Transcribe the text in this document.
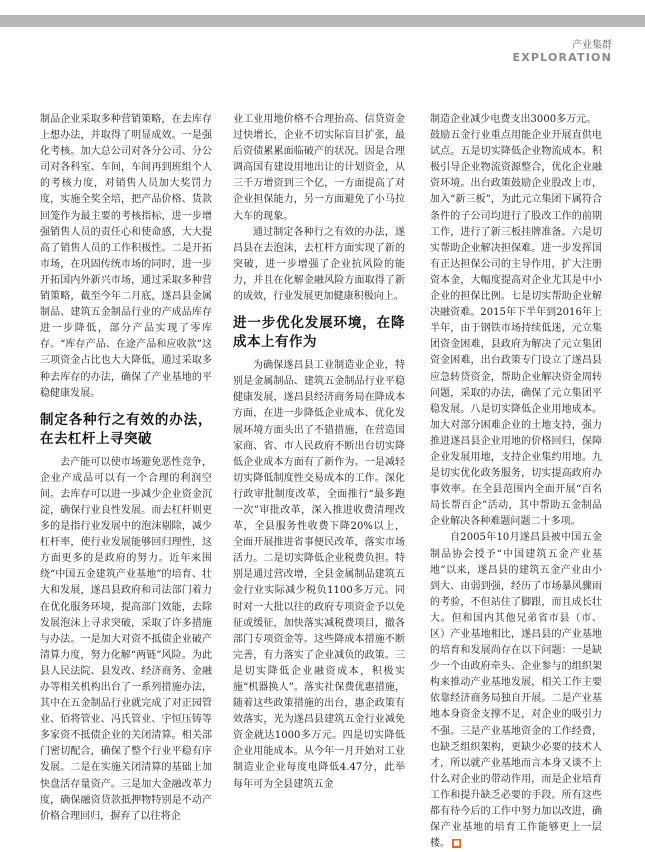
产业集群
EXPLORATION

制品企业采取多种营销策略，在去库存上想办法，并取得了明显成效。一是强化考核。加大总公司对各分公司、分公司对各科室、车间，车间再到班组个人的考核力度，对销售人员加大奖罚力度，实施全奖全培，把产品价格、货款回笼作为最主要的考核指标，进一步增强销售人员的责任心和使命感，大大提高了销售人员的工作积极性。二是开拓市场，在巩固传统市场的同时，进一步开拓国内外新兴市场，通过采取多种营销策略，截至今年二月底，遂昌县金属制品、建筑五金制品行业的产成品库存进一步降低，部分产品实现了零库存。“库存产品、在途产品和应收款”这三项资金占比也大大降低，通过采取多种去库存的办法，确保了产业基地的平稳健康发展。

制定各种行之有效的办法，在去杠杆上寻突破

去产能可以使市场避免恶性竞争，企业产成品可以有一个合理的利润空间。去库存可以进一步减少企业资金沉淀，确保行业良性发展。而去杠杆则更多的是指行业发展中的泡沫剔除，减少杠杆率，使行业发展能够回归理性，这方面更多的是政府的努力。近年来围绕“中国五金建筑产业基地”的培育、壮大和发展，遂昌县政府和司法部门着力在优化服务环境，提高部门效能，去除发展泡沫上寻求突破，采取了许多措施与办法。一是加大对资不抵债企业破产清算力度，努力化解“两链”风险。为此县人民法院、县发改、经济商务、金融办等相关机构出台了一系列措施办法，其中在五金制品行业就完成了对正园管业、佰将管业、冯氏管业、宇恒压铸等多家资不抵债企业的关闭清算。相关部门密切配合，确保了整个行业平稳有序发展。二是在实施关闭清算的基础上加快盘活存量资产。三是加大金融改革力度，确保融资贷款抵押物特别是不动产价格合理回归，摒弃了以往将企

业工业用地价格不合理抬高、信贷资金过快增长，企业不切实际盲目扩张，最后资债累累面临破产的状况。因是合理调高国有建设用地出让的计划资金，从三千万增资到三个亿，一方面提高了对企业担保能力，另一方面避免了小马拉大车的现象。

通过制定各种行之有效的办法，遂昌县在去泡沫，去杠杆方面实现了新的突破，进一步增强了企业抗风险的能力，并且在化解金融风险方面取得了新的成效，行业发展更加健康积极向上。

进一步优化发展环境，在降成本上有作为

为确保遂昌县工业制造业企业，特别是金属制品、建筑五金制品行业平稳健康发展，遂昌县经济商务局在降成本方面，在进一步降低企业成本、优化发展环境方面头出了不错措施，在营造国家商、省、市人民政府不断出台切实降低企业成本方面有了新作为。一是减轻切实降低制度性交易成本的工作。深化行政审批制度改革，全面推行“最多跑一次”审批改革，深入推进收费清理改革，全县服务性收费下降20%以上，全面开展推进省事便民改革，落实市场活力。二是切实降低企业税费负担。特别是通过营改增，全县金属制品建筑五金行业实际减少税负1100多万元。同时对一大批以往的政府专项资金予以免征或缓征，加快落实减税费项目，撤各部门专项资金等。这些降成本措施不断完善，有力落实了企业减负的政策。三是切实降低企业融资成本，积极实施“机器换人”。落实社保费优惠措施，随着这些政策措施的出台，惠企政策有效落实，光为遂昌县建筑五金行业减免资金就达1000多万元。四是切实降低企业用能成本。从今年一月开始对工业制造业企业每度电降低4.47分，此举每年可为全县建筑五金

制造企业减少电费支出3000多万元。

鼓励五金行业重点用能企业开展直供电试点。五是切实降低企业物流成本。积极引导企业物流资源整合，优化企业融资环境。出台政策鼓励企业股改上市，加入“新三板”，为此元立集团下属符合条件的子公司均进行了股改工作的前期工作，进行了新三板挂牌准备。六是切实帮助企业解决担保难。进一步发挥国有正达担保公司的主导作用，扩大注册资本金，大幅度提高对企业尤其是中小企业的担保比例。七是切实帮助企业解决融资难。2015年下半年到2016年上半年，由于钢铁市场持续低迷，元立集团资金困难，县政府为解决了元立集团资金困难，出台政策专门设立了遂昌县应急转贷资金，帮助企业解决资金周转问题，采取的办法，确保了元立集团平稳发展。八是切实降低企业用地成本。加大对部分困难企业的土地支持，强力推进遂昌县企业用地的价格回归，保障企业发展用地，支持企业集约用地。九是切实优化政务服务，切实提高政府办事效率。在全县范围内全面开展“百名局长帮百企”活动，其中帮助五金制品企业解决各种难题问题二十多项。

自2005年10月遂昌县被中国五金制品协会授予“中国建筑五金产业基地”以来，遂昌县的建筑五金产业由小到大、由弱到强，经历了市场暴风骤雨的考验，不但站住了脚跟，而且成长壮大。但和国内其他兄弟省市县（市、区）产业基地相比，遂昌县的产业基地的培育和发展尚存在以下问题：一是缺少一个由政府牵头、企业参与的组织架构来推动产业基地发展，相关工作主要依靠经济商务局独自开展。二是产业基地本身资金支撑不足，对企业的吸引力不强。三是产业基地资金的工作经费，也缺乏组织架构，更缺少必要的技术人才，所以就产业基地而言本身又谈不上什么对企业的带动作用，而是企业培育工作和提升缺乏必要的手段。所有这些都有待今后的工作中努力加以改进，确保产业基地的培育工作能够更上一层楼。 ■
